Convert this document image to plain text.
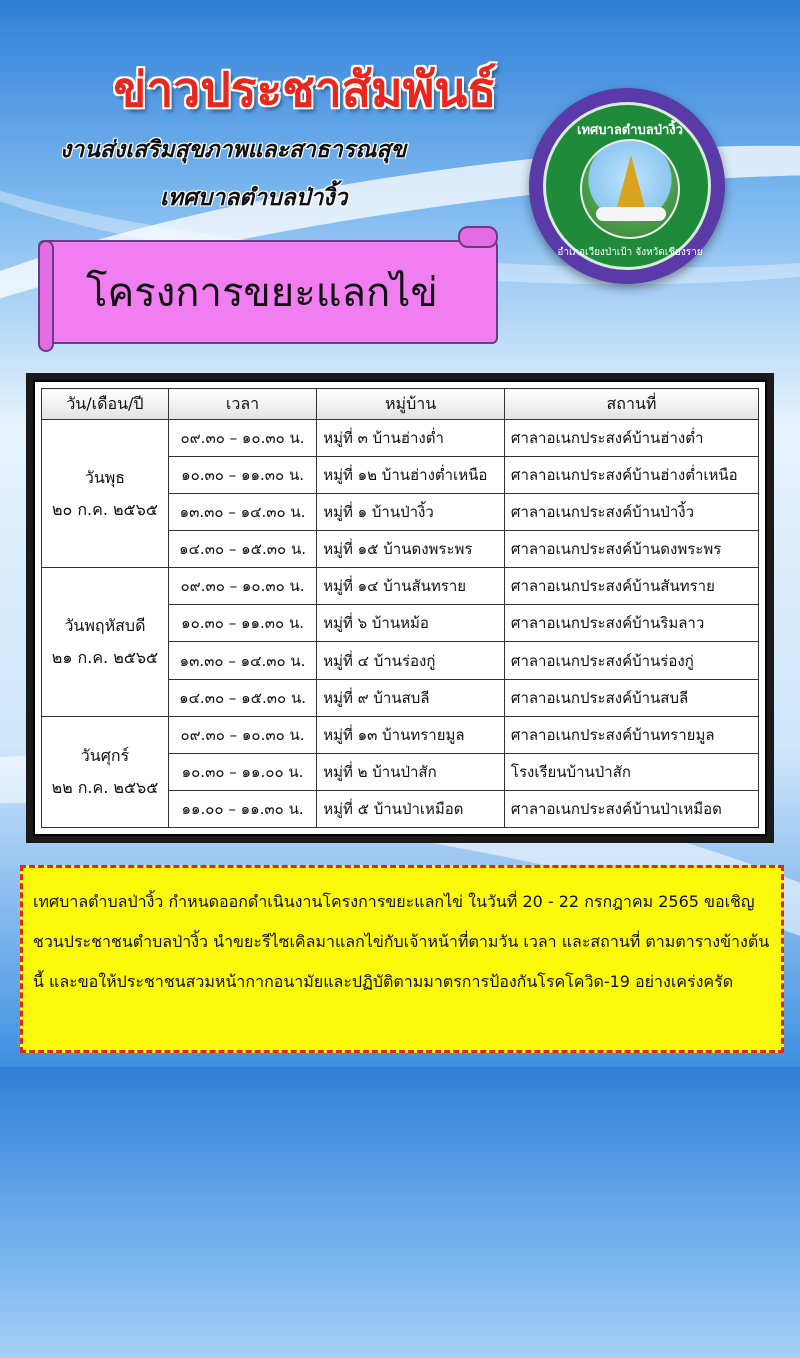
ข่าวประชาสัมพันธ์
งานส่งเสริมสุขภาพและสาธารณสุข
เทศบาลตำบลป่างิ้ว
เทศบาลตำบลป่างิ้ว
อำเภอเวียงป่าเป้า จังหวัดเชียงราย
โครงการขยะแลกไข่
วัน/เดือน/ปี	เวลา	หมู่บ้าน	สถานที่

วันพุธ
๒๐ ก.ค. ๒๕๖๕	๐๙.๓๐ – ๑๐.๓๐ น.	หมู่ที่ ๓ บ้านฮ่างต่ำ	ศาลาอเนกประสงค์บ้านฮ่างต่ำ
	๑๐.๓๐ – ๑๑.๓๐ น.	หมู่ที่ ๑๒ บ้านฮ่างต่ำเหนือ	ศาลาอเนกประสงค์บ้านฮ่างต่ำเหนือ
	๑๓.๓๐ – ๑๔.๓๐ น.	หมู่ที่ ๑ บ้านป่างิ้ว	ศาลาอเนกประสงค์บ้านป่างิ้ว
	๑๔.๓๐ – ๑๕.๓๐ น.	หมู่ที่ ๑๕ บ้านดงพระพร	ศาลาอเนกประสงค์บ้านดงพระพร

วันพฤหัสบดี
๒๑ ก.ค. ๒๕๖๕	๐๙.๓๐ – ๑๐.๓๐ น.	หมู่ที่ ๑๔ บ้านสันทราย	ศาลาอเนกประสงค์บ้านสันทราย
	๑๐.๓๐ – ๑๑.๓๐ น.	หมู่ที่ ๖ บ้านหม้อ	ศาลาอเนกประสงค์บ้านริมลาว
	๑๓.๓๐ – ๑๔.๓๐ น.	หมู่ที่ ๔ บ้านร่องกู่	ศาลาอเนกประสงค์บ้านร่องกู่
	๑๔.๓๐ – ๑๕.๓๐ น.	หมู่ที่ ๙ บ้านสบลี	ศาลาอเนกประสงค์บ้านสบลี

วันศุกร์
๒๒ ก.ค. ๒๕๖๕	๐๙.๓๐ – ๑๐.๓๐ น.	หมู่ที่ ๑๓ บ้านทรายมูล	ศาลาอเนกประสงค์บ้านทรายมูล
	๑๐.๓๐ – ๑๑.๐๐ น.	หมู่ที่ ๒ บ้านป่าสัก	โรงเรียนบ้านป่าสัก
	๑๑.๐๐ – ๑๑.๓๐ น.	หมู่ที่ ๕ บ้านป่าเหมือด	ศาลาอเนกประสงค์บ้านป่าเหมือด

เทศบาลตำบลป่างิ้ว กำหนดออกดำเนินงานโครงการขยะแลกไข่ ในวันที่ 20 - 22 กรกฎาคม 2565 ขอเชิญชวนประชาชนตำบลป่างิ้ว นำขยะรีไซเคิลมาแลกไข่กับเจ้าหน้าที่ตามวัน เวลา และสถานที่ ตามตารางข้างต้นนี้ และขอให้ประชาชนสวมหน้ากากอนามัยและปฏิบัติตามมาตรการป้องกันโรคโควิด-19 อย่างเคร่งครัด
